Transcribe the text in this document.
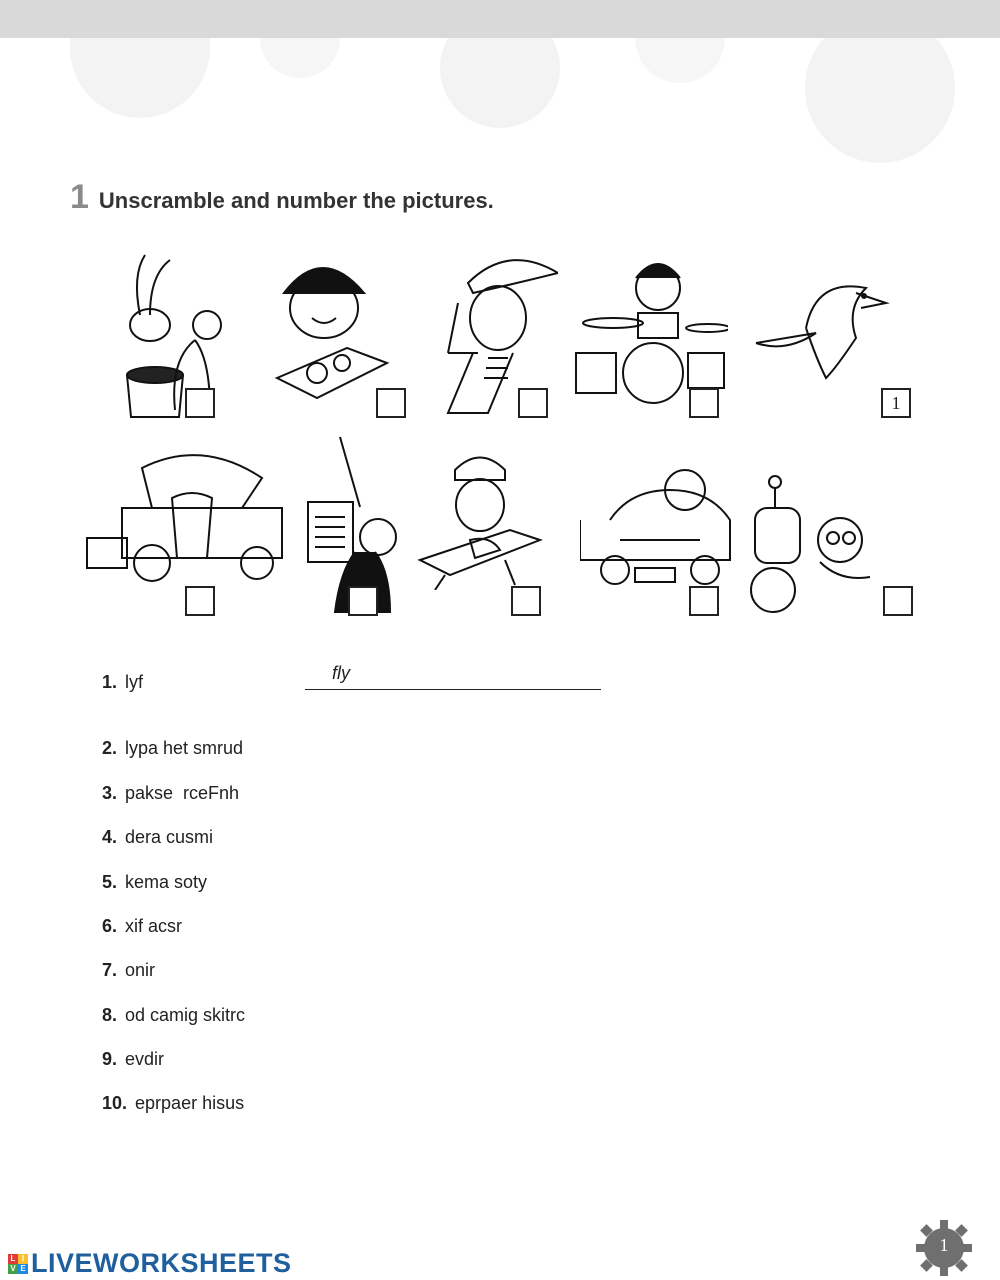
1 Unscramble and number the pictures.
1
1. lyf	fly
2. lypa het smrud
3. pakse  rceFnh
4. dera cusmi
5. kema soty
6. xif acsr
7. onir
8. od camig skitrc
9. evdir
10. eprpaer hisus
L I
V E LIVEWORKSHEETS
1
